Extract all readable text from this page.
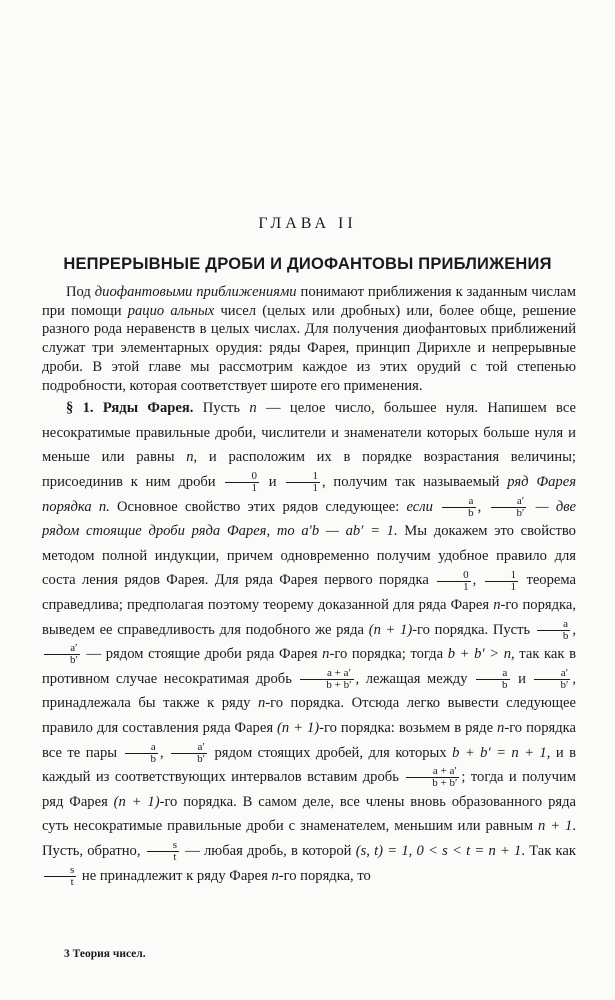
ГЛАВА II
НЕПРЕРЫВНЫЕ ДРОБИ И ДИОФАНТОВЫ ПРИБЛИЖЕНИЯ

Под диофантовыми приближениями понимают приближения к заданным числам при помощи рацио альных чисел (целых или дробных) или, более обще, решение разного рода неравенств в целых числах. Для получения диофантовых приближений служат три элементарных орудия: ряды Фарея, принцип Дирихле и непрерывные дроби. В этой главе мы рассмотрим каждое из этих орудий с той степенью подробности, которая соответствует широте его применения.

§ 1. Ряды Фарея. Пусть n — целое число, большее нуля. Напишем все несократимые правильные дроби, числители и знаменатели которых больше нуля и меньше или равны n, и расположим их в порядке возрастания величины; присоединив к ним дроби $\frac{0}{1}$ и $\frac{1}{1}$ , получим так называемый ряд Фарея порядка n. Основное свойство этих рядов следующее: если $\frac{a}{b}$ , $\frac{a'}{b'}$ — две рядом стоящие дроби ряда Фарея, то a′b — ab′ = 1. Мы докажем это свойство методом полной индукции, причем одновременно получим удобное правило для соста ления рядов Фарея. Для ряда Фарея первого порядка $\frac{0}{1}$ , $\frac{1}{1}$ теорема справедлива; предполагая поэтому теорему доказанной для ряда Фарея n-го порядка, выведем ее справедливость для подобного же ряда (n + 1)-го порядка. Пусть $\frac{a}{b}$ ,
$\frac{a'}{b'}$ — рядом стоящие дроби ряда Фарея n-го порядка; тогда b + b′ > n, так как в противном случае несократимая дробь $\frac{a + a'}{b + b'}$ , лежащая между $\frac{a}{b}$ и $\frac{a'}{b'}$ , принадлежала бы также к ряду n-го порядка. Отсюда легко вывести следующее правило для составления ряда Фарея (n + 1)-го порядка: возьмем в ряде n-го порядка все те пары $\frac{a}{b}$ , $\frac{a'}{b'}$ рядом стоящих дробей, для которых b + b′ = n + 1, и в каждый из соответствующих интервалов вставим дробь $\frac{a + a'}{b + b'}$ ; тогда и получим ряд Фарея (n + 1)-го порядка. В самом деле, все члены вновь образованного ряда суть несократимые правильные дроби с знаменателем, меньшим или равным n + 1. Пусть, обратно, $\frac{s}{t}$ — любая дробь, в которой (s, t) = 1, 0 < s < t = n + 1. Так как
$\frac{s}{t}$ не принадлежит к ряду Фарея n-го порядка, то

3 Теория чисел.
